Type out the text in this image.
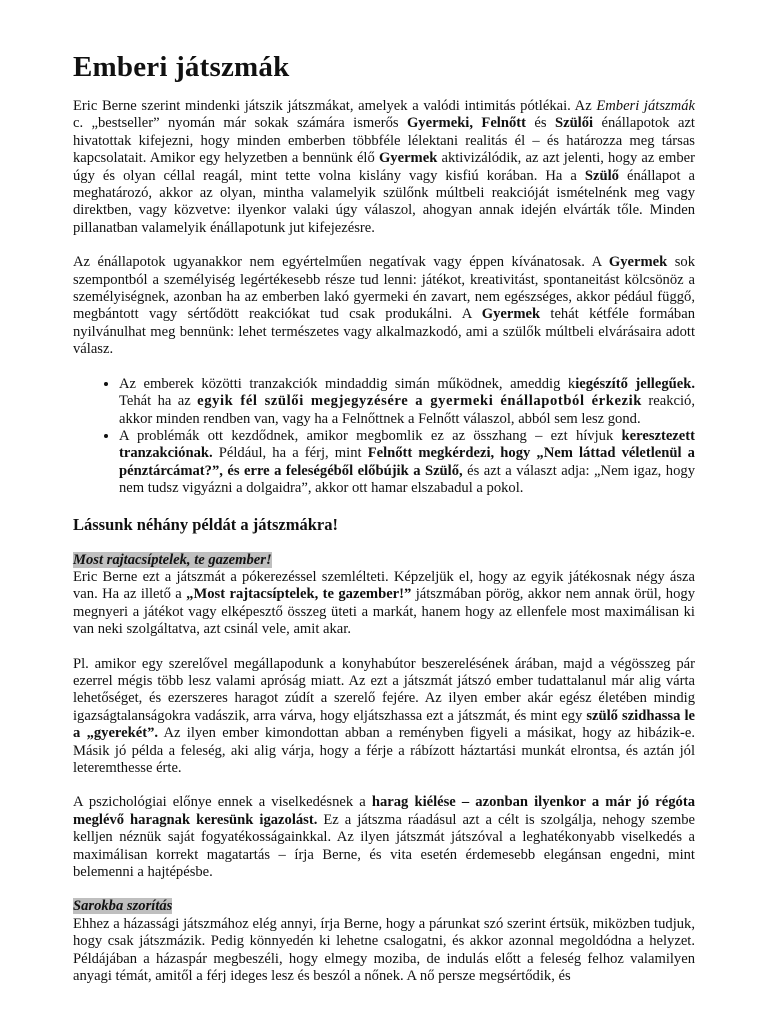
Emberi játszmák

Eric Berne szerint mindenki játszik játszmákat, amelyek a valódi intimitás pótlékai. Az Emberi játszmák c. „bestseller” nyomán már sokak számára ismerős Gyermeki, Felnőtt és Szülői énállapotok azt hivatottak kifejezni, hogy minden emberben többféle lélektani realitás él – és határozza meg társas kapcsolatait. Amikor egy helyzetben a bennünk élő Gyermek aktivizálódik, az azt jelenti, hogy az ember úgy és olyan céllal reagál, mint tette volna kislány vagy kisfiú korában. Ha a Szülő énállapot a meghatározó, akkor az olyan, mintha valamelyik szülőnk múltbeli reakcióját ismételnénk meg vagy direktben, vagy közvetve: ilyenkor valaki úgy válaszol, ahogyan annak idején elvárták tőle. Minden pillanatban valamelyik énállapotunk jut kifejezésre.

Az énállapotok ugyanakkor nem egyértelműen negatívak vagy éppen kívánatosak. A Gyermek sok szempontból a személyiség legértékesebb része tud lenni: játékot, kreativitást, spontaneitást kölcsönöz a személyiségnek, azonban ha az emberben lakó gyermeki én zavart, nem egészséges, akkor pédául függő, megbántott vagy sértődött reakciókat tud csak produkálni. A Gyermek tehát kétféle formában nyilvánulhat meg bennünk: lehet természetes vagy alkalmazkodó, ami a szülők múltbeli elvárásaira adott válasz.

• Az emberek közötti tranzakciók mindaddig simán működnek, ameddig kiegészítő jellegűek. Tehát ha az egyik fél szülői megjegyzésére a gyermeki énállapotból érkezik reakció, akkor minden rendben van, vagy ha a Felnőttnek a Felnőtt válaszol, abból sem lesz gond.
• A problémák ott kezdődnek, amikor megbomlik ez az összhang – ezt hívjuk keresztezett tranzakciónak. Például, ha a férj, mint Felnőtt megkérdezi, hogy „Nem láttad véletlenül a pénztárcámat?”, és erre a feleségéből előbújik a Szülő, és azt a választ adja: „Nem igaz, hogy nem tudsz vigyázni a dolgaidra”, akkor ott hamar elszabadul a pokol.
Lássunk néhány példát a játszmákra!

Most rajtacsíptelek, te gazember!

Eric Berne ezt a játszmát a pókerezéssel szemlélteti. Képzeljük el, hogy az egyik játékosnak négy ásza van. Ha az illető a „Most rajtacsíptelek, te gazember!” játszmában pörög, akkor nem annak örül, hogy megnyeri a játékot vagy elképesztő összeg üteti a markát, hanem hogy az ellenfele most maximálisan ki van neki szolgáltatva, azt csinál vele, amit akar.

Pl. amikor egy szerelővel megállapodunk a konyhabútor beszerelésének árában, majd a végösszeg pár ezerrel mégis több lesz valami apróság miatt. Az ezt a játszmát játszó ember tudattalanul már alig várta lehetőséget, és ezerszeres haragot zúdít a szerelő fejére. Az ilyen ember akár egész életében mindig igazságtalanságokra vadászik, arra várva, hogy eljátszhassa ezt a játszmát, és mint egy szülő szidhassa le a „gyerekét”. Az ilyen ember kimondottan abban a reményben figyeli a másikat, hogy az hibázik-e. Másik jó példa a feleség, aki alig várja, hogy a férje a rábízott háztartási munkát elrontsa, és aztán jól leteremthesse érte.

A pszichológiai előnye ennek a viselkedésnek a harag kiélése – azonban ilyenkor a már jó régóta meglévő haragnak keresünk igazolást. Ez a játszma ráadásul azt a célt is szolgálja, nehogy szembe kelljen néznük saját fogyatékosságainkkal. Az ilyen játszmát játszóval a leghatékonyabb viselkedés a maximálisan korrekt magatartás – írja Berne, és vita esetén érdemesebb elegánsan engedni, mint belemenni a hajtépésbe.

Sarokba szorítás

Ehhez a házassági játszmához elég annyi, írja Berne, hogy a párunkat szó szerint értsük, miközben tudjuk, hogy csak játszmázik. Pedig könnyedén ki lehetne csalogatni, és akkor azonnal megoldódna a helyzet. Példájában a házaspár megbeszéli, hogy elmegy moziba, de indulás előtt a feleség felhoz valamilyen anyagi témát, amitől a férj ideges lesz és beszól a nőnek. A nő persze megsértődik, és
